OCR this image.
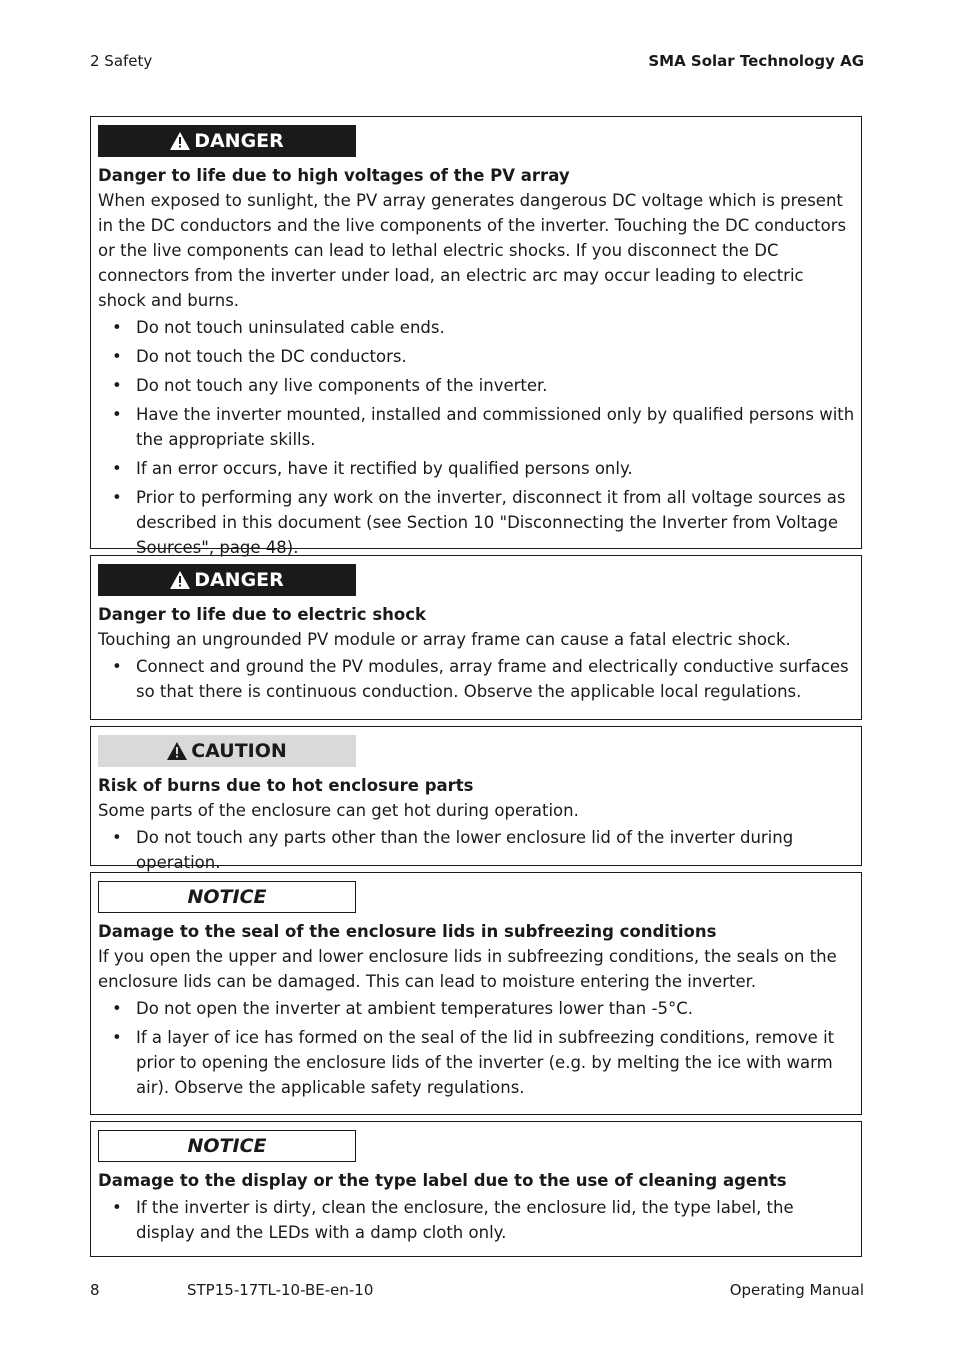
2 Safety	SMA Solar Technology AG
DANGER
Danger to life due to high voltages of the PV array
When exposed to sunlight, the PV array generates dangerous DC voltage which is present in the DC conductors and the live components of the inverter. Touching the DC conductors or the live components can lead to lethal electric shocks. If you disconnect the DC connectors from the inverter under load, an electric arc may occur leading to electric shock and burns.
• Do not touch uninsulated cable ends.
• Do not touch the DC conductors.
• Do not touch any live components of the inverter.
• Have the inverter mounted, installed and commissioned only by qualified persons with the appropriate skills.
• If an error occurs, have it rectified by qualified persons only.
• Prior to performing any work on the inverter, disconnect it from all voltage sources as described in this document (see Section 10 "Disconnecting the Inverter from Voltage Sources", page 48).
DANGER
Danger to life due to electric shock
Touching an ungrounded PV module or array frame can cause a fatal electric shock.
• Connect and ground the PV modules, array frame and electrically conductive surfaces so that there is continuous conduction. Observe the applicable local regulations.
CAUTION
Risk of burns due to hot enclosure parts
Some parts of the enclosure can get hot during operation.
• Do not touch any parts other than the lower enclosure lid of the inverter during operation.
NOTICE
Damage to the seal of the enclosure lids in subfreezing conditions
If you open the upper and lower enclosure lids in subfreezing conditions, the seals on the enclosure lids can be damaged. This can lead to moisture entering the inverter.
• Do not open the inverter at ambient temperatures lower than -5°C.
• If a layer of ice has formed on the seal of the lid in subfreezing conditions, remove it prior to opening the enclosure lids of the inverter (e.g. by melting the ice with warm air). Observe the applicable safety regulations.
NOTICE
Damage to the display or the type label due to the use of cleaning agents
• If the inverter is dirty, clean the enclosure, the enclosure lid, the type label, the display and the LEDs with a damp cloth only.
8	STP15-17TL-10-BE-en-10	Operating Manual
